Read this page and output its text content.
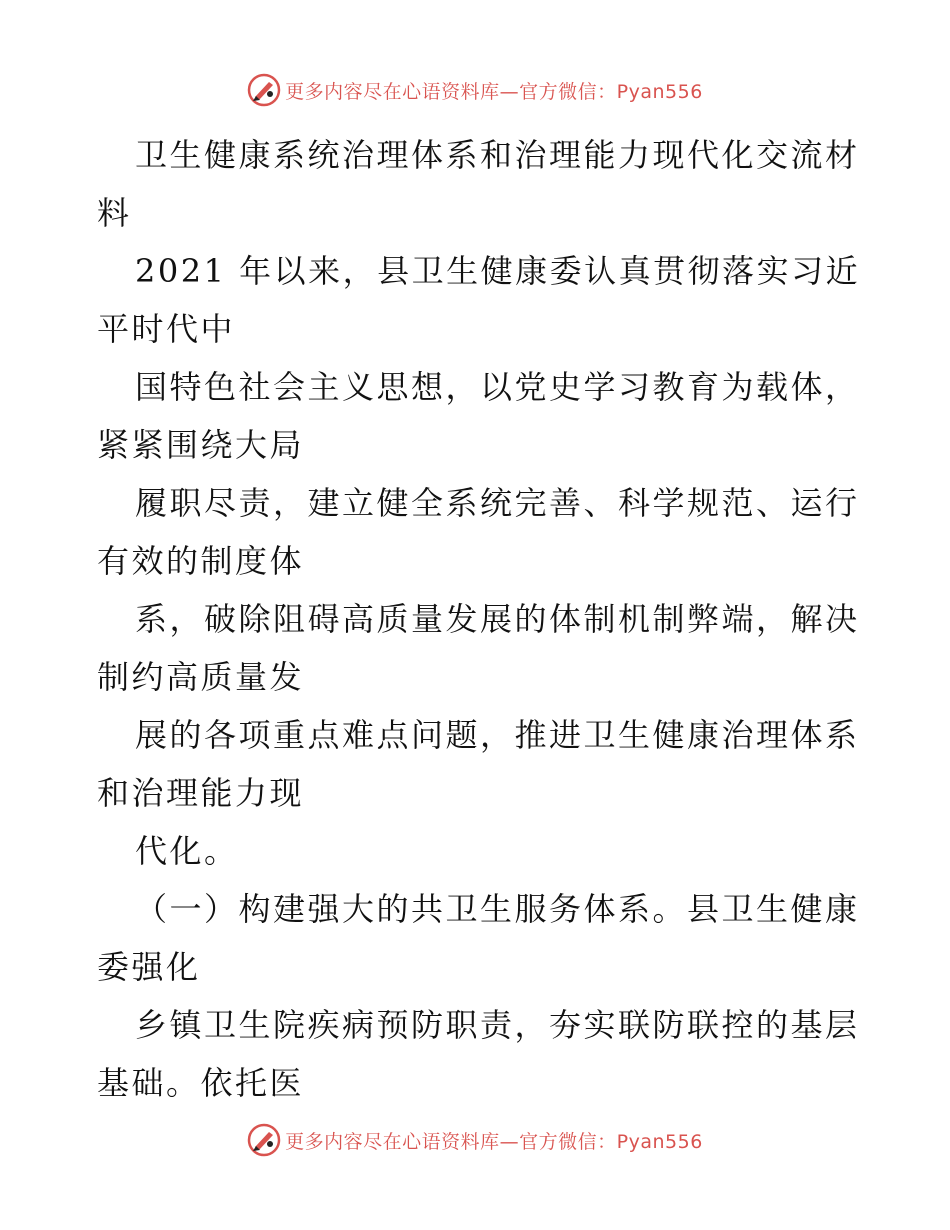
更多内容尽在心语资料库—官方微信：Pyan556
卫生健康系统治理体系和治理能力现代化交流材
料
2021 年以来，县卫生健康委认真贯彻落实习近
平时代中
国特色社会主义思想，以党史学习教育为载体，
紧紧围绕大局
履职尽责，建立健全系统完善、科学规范、运行
有效的制度体
系，破除阻碍高质量发展的体制机制弊端，解决
制约高质量发
展的各项重点难点问题，推进卫生健康治理体系
和治理能力现
代化。
（一）构建强大的共卫生服务体系。县卫生健康
委强化
乡镇卫生院疾病预防职责，夯实联防联控的基层
基础。依托医
更多内容尽在心语资料库—官方微信：Pyan556
